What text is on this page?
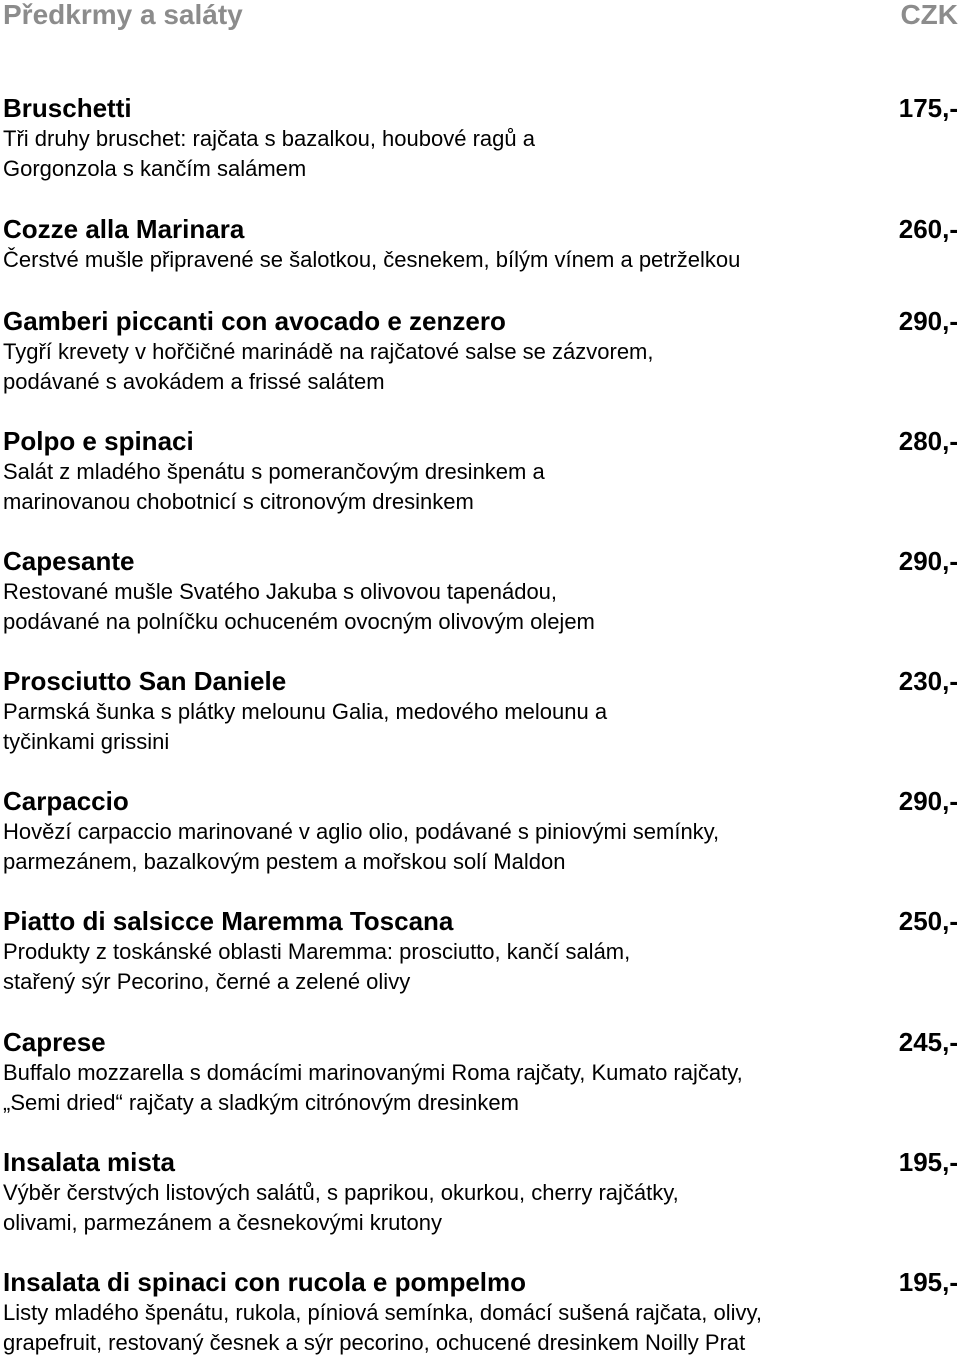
Předkrmy a saláty	CZK
Bruschetti	175,-
Tři druhy bruschet: rajčata s bazalkou, houbové ragů a
Gorgonzola s kančím salámem
Cozze alla Marinara	260,-
Čerstvé mušle připravené se šalotkou, česnekem, bílým vínem a petrželkou
Gamberi piccanti con avocado e zenzero	290,-
Tygří krevety v hořčičné marinádě na rajčatové salse se zázvorem,
podávané s avokádem a frissé salátem
Polpo e spinaci	280,-
Salát z mladého špenátu s pomerančovým dresinkem a
marinovanou chobotnicí s citronovým dresinkem
Capesante	290,-
Restované mušle Svatého Jakuba s olivovou tapenádou,
podávané na polníčku ochuceném ovocným olivovým olejem
Prosciutto San Daniele	230,-
Parmská šunka s plátky melounu Galia, medového melounu a
tyčinkami grissini
Carpaccio	290,-
Hovězí carpaccio marinované v aglio olio, podávané s piniovými semínky,
parmezánem, bazalkovým pestem a mořskou solí Maldon
Piatto di salsicce Maremma Toscana	250,-
Produkty z toskánské oblasti Maremma: prosciutto, kančí salám,
stařený sýr Pecorino, černé a zelené olivy
Caprese	245,-
Buffalo mozzarella s domácími marinovanými Roma rajčaty, Kumato rajčaty,
„Semi dried“ rajčaty a sladkým citrónovým dresinkem
Insalata mista	195,-
Výběr čerstvých listových salátů, s paprikou, okurkou, cherry rajčátky,
olivami, parmezánem a česnekovými krutony
Insalata di spinaci con rucola e pompelmo	195,-
Listy mladého špenátu, rukola, píniová semínka, domácí sušená rajčata, olivy,
grapefruit, restovaný česnek a sýr pecorino, ochucené dresinkem Noilly Prat
